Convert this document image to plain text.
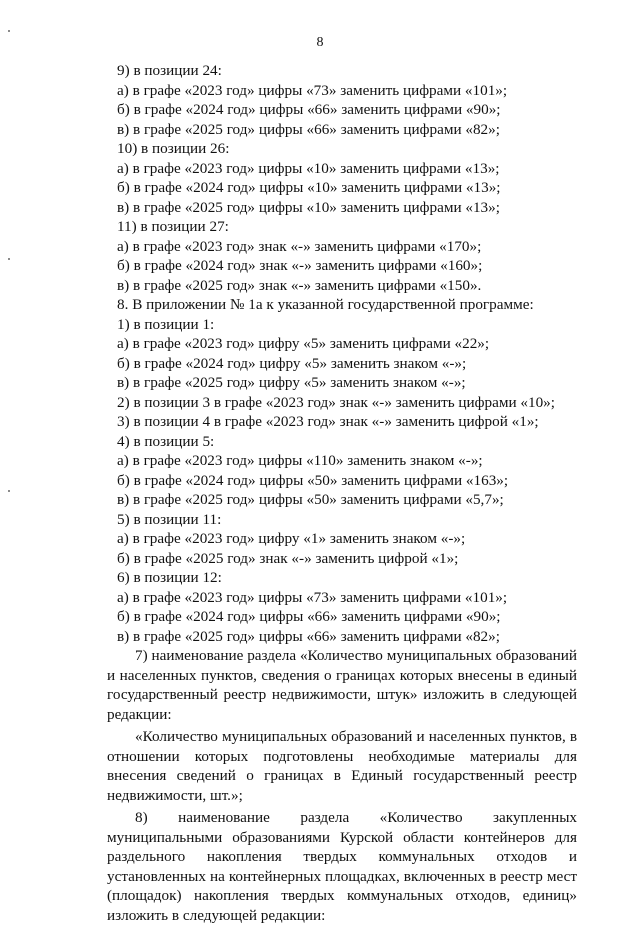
8
9) в позиции 24:
а) в графе «2023 год» цифры «73» заменить цифрами «101»;
б) в графе «2024 год» цифры «66» заменить цифрами «90»;
в) в графе «2025 год» цифры «66» заменить цифрами «82»;
10) в позиции 26:
а) в графе «2023 год» цифры «10» заменить цифрами «13»;
б) в графе «2024 год» цифры «10» заменить цифрами «13»;
в) в графе «2025 год» цифры «10» заменить цифрами «13»;
11) в позиции 27:
а) в графе «2023 год» знак «-» заменить цифрами «170»;
б) в графе «2024 год» знак «-» заменить цифрами «160»;
в) в графе «2025 год» знак «-» заменить цифрами «150».
8. В приложении № 1а к указанной государственной программе:
1) в позиции 1:
а) в графе «2023 год» цифру «5» заменить цифрами «22»;
б) в графе «2024 год» цифру «5» заменить знаком «-»;
в) в графе «2025 год» цифру «5» заменить знаком «-»;
2) в позиции 3 в графе «2023 год» знак «-» заменить цифрами «10»;
3) в позиции 4 в графе «2023 год» знак «-» заменить цифрой «1»;
4) в позиции 5:
а) в графе «2023 год» цифры «110» заменить знаком «-»;
б) в графе «2024 год» цифры «50» заменить цифрами «163»;
в) в графе «2025 год» цифры «50» заменить цифрами «5,7»;
5) в позиции 11:
а) в графе «2023 год» цифру «1» заменить знаком «-»;
б) в графе «2025 год» знак «-» заменить цифрой «1»;
6) в позиции 12:
а) в графе «2023 год» цифры «73» заменить цифрами «101»;
б) в графе «2024 год» цифры «66» заменить цифрами «90»;
в) в графе «2025 год» цифры «66» заменить цифрами «82»;

7) наименование раздела «Количество муниципальных образований и населенных пунктов, сведения о границах которых внесены в единый государственный реестр недвижимости, штук» изложить в следующей редакции:

«Количество муниципальных образований и населенных пунктов, в отношении которых подготовлены необходимые материалы для внесения сведений о границах в Единый государственный реестр недвижимости, шт.»;

8) наименование раздела «Количество закупленных муниципальными образованиями Курской области контейнеров для раздельного накопления твердых коммунальных отходов и установленных на контейнерных площадках, включенных в реестр мест (площадок) накопления твердых коммунальных отходов, единиц» изложить в следующей редакции:
